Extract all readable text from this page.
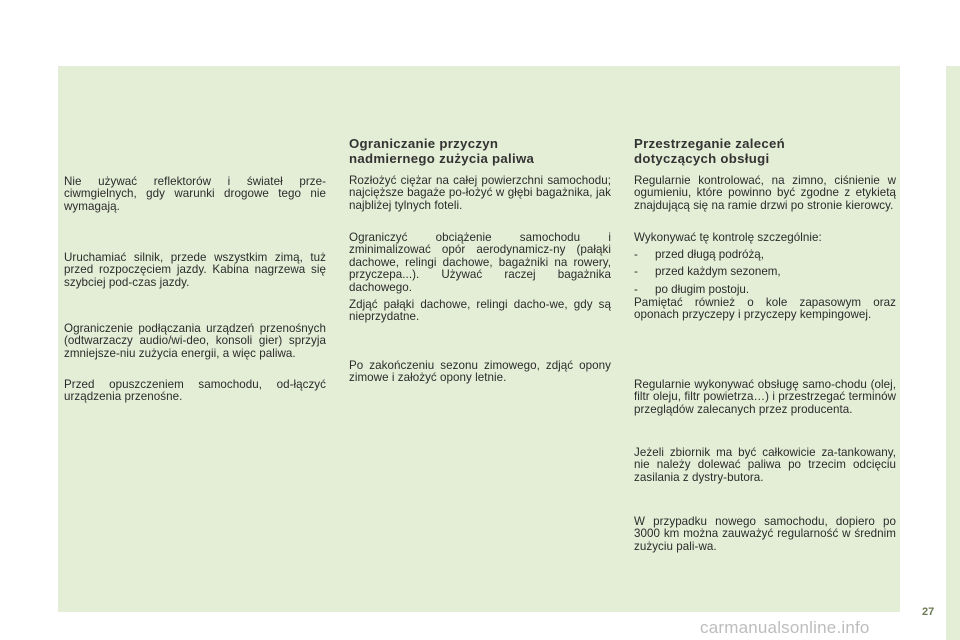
Nie używać reflektorów i świateł prze-ciwmgielnych, gdy warunki drogowe tego nie wymagają.

Uruchamiać silnik, przede wszystkim zimą, tuż przed rozpoczęciem jazdy. Kabina nagrzewa się szybciej pod-czas jazdy.

Ograniczenie podłączania urządzeń przenośnych (odtwarzaczy audio/wi-deo, konsoli gier) sprzyja zmniejsze-niu zużycia energii, a więc paliwa.

Przed opuszczeniem samochodu, od-łączyć urządzenia przenośne.

Ograniczanie przyczyn
nadmiernego zużycia paliwa

Rozłożyć ciężar na całej powierzchni samochodu; najcięższe bagaże po-łożyć w głębi bagażnika, jak najbliżej tylnych foteli.

Ograniczyć obciążenie samochodu i zminimalizować opór aerodynamicz-ny (pałąki dachowe, relingi dachowe, bagażniki na rowery, przyczepa...). Używać raczej bagażnika dachowego.

Zdjąć pałąki dachowe, relingi dacho-we, gdy są nieprzydatne.

Po zakończeniu sezonu zimowego, zdjąć opony zimowe i założyć opony letnie.

Przestrzeganie zaleceń
dotyczących obsługi

Regularnie kontrolować, na zimno, ciśnienie w ogumieniu, które powinno być zgodne z etykietą znajdującą się na ramie drzwi po stronie kierowcy.

Wykonywać tę kontrolę szczególnie:

- przed długą podróżą,
- przed każdym sezonem,
- po długim postoju.

Pamiętać również o kole zapasowym oraz oponach przyczepy i przyczepy kempingowej.

Regularnie wykonywać obsługę samo-chodu (olej, filtr oleju, filtr powietrza…) i przestrzegać terminów przeglądów zalecanych przez producenta.

Jeżeli zbiornik ma być całkowicie za-tankowany, nie należy dolewać paliwa po trzecim odcięciu zasilania z dystry-butora.

W przypadku nowego samochodu, dopiero po 3000 km można zauważyć regularność w średnim zużyciu pali-wa.

27
carmanualsonline.info
